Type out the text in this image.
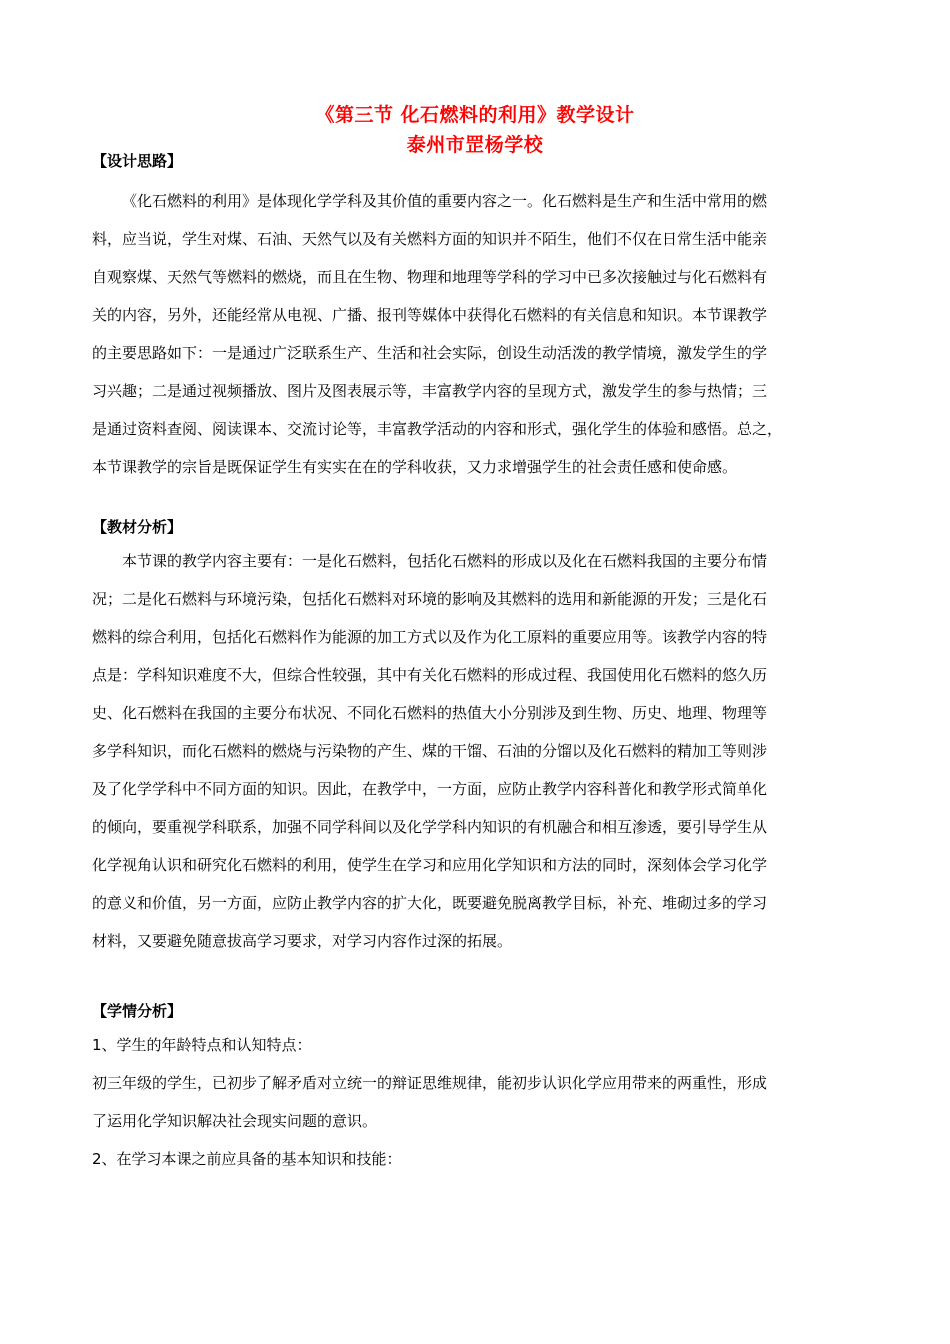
《第三节 化石燃料的利用》教学设计
泰州市罡杨学校
【设计思路】
《化石燃料的利用》是体现化学学科及其价值的重要内容之一。化石燃料是生产和生活中常用的燃
料，应当说，学生对煤、石油、天然气以及有关燃料方面的知识并不陌生，他们不仅在日常生活中能亲
自观察煤、天然气等燃料的燃烧，而且在生物、物理和地理等学科的学习中已多次接触过与化石燃料有
关的内容，另外，还能经常从电视、广播、报刊等媒体中获得化石燃料的有关信息和知识。本节课教学
的主要思路如下：一是通过广泛联系生产、生活和社会实际，创设生动活泼的教学情境，激发学生的学
习兴趣；二是通过视频播放、图片及图表展示等，丰富教学内容的呈现方式，激发学生的参与热情；三
是通过资料查阅、阅读课本、交流讨论等，丰富教学活动的内容和形式，强化学生的体验和感悟。总之，
本节课教学的宗旨是既保证学生有实实在在的学科收获，又力求增强学生的社会责任感和使命感。
【教材分析】
本节课的教学内容主要有：一是化石燃料，包括化石燃料的形成以及化在石燃料我国的主要分布情
况；二是化石燃料与环境污染，包括化石燃料对环境的影响及其燃料的选用和新能源的开发；三是化石
燃料的综合利用，包括化石燃料作为能源的加工方式以及作为化工原料的重要应用等。该教学内容的特
点是：学科知识难度不大，但综合性较强，其中有关化石燃料的形成过程、我国使用化石燃料的悠久历
史、化石燃料在我国的主要分布状况、不同化石燃料的热值大小分别涉及到生物、历史、地理、物理等
多学科知识，而化石燃料的燃烧与污染物的产生、煤的干馏、石油的分馏以及化石燃料的精加工等则涉
及了化学学科中不同方面的知识。因此，在教学中，一方面，应防止教学内容科普化和教学形式简单化
的倾向，要重视学科联系，加强不同学科间以及化学学科内知识的有机融合和相互渗透，要引导学生从
化学视角认识和研究化石燃料的利用，使学生在学习和应用化学知识和方法的同时，深刻体会学习化学
的意义和价值，另一方面，应防止教学内容的扩大化，既要避免脱离教学目标，补充、堆砌过多的学习
材料，又要避免随意拔高学习要求，对学习内容作过深的拓展。
【学情分析】
1、学生的年龄特点和认知特点：
初三年级的学生，已初步了解矛盾对立统一的辩证思维规律，能初步认识化学应用带来的两重性，形成
了运用化学知识解决社会现实问题的意识。
2、在学习本课之前应具备的基本知识和技能：
